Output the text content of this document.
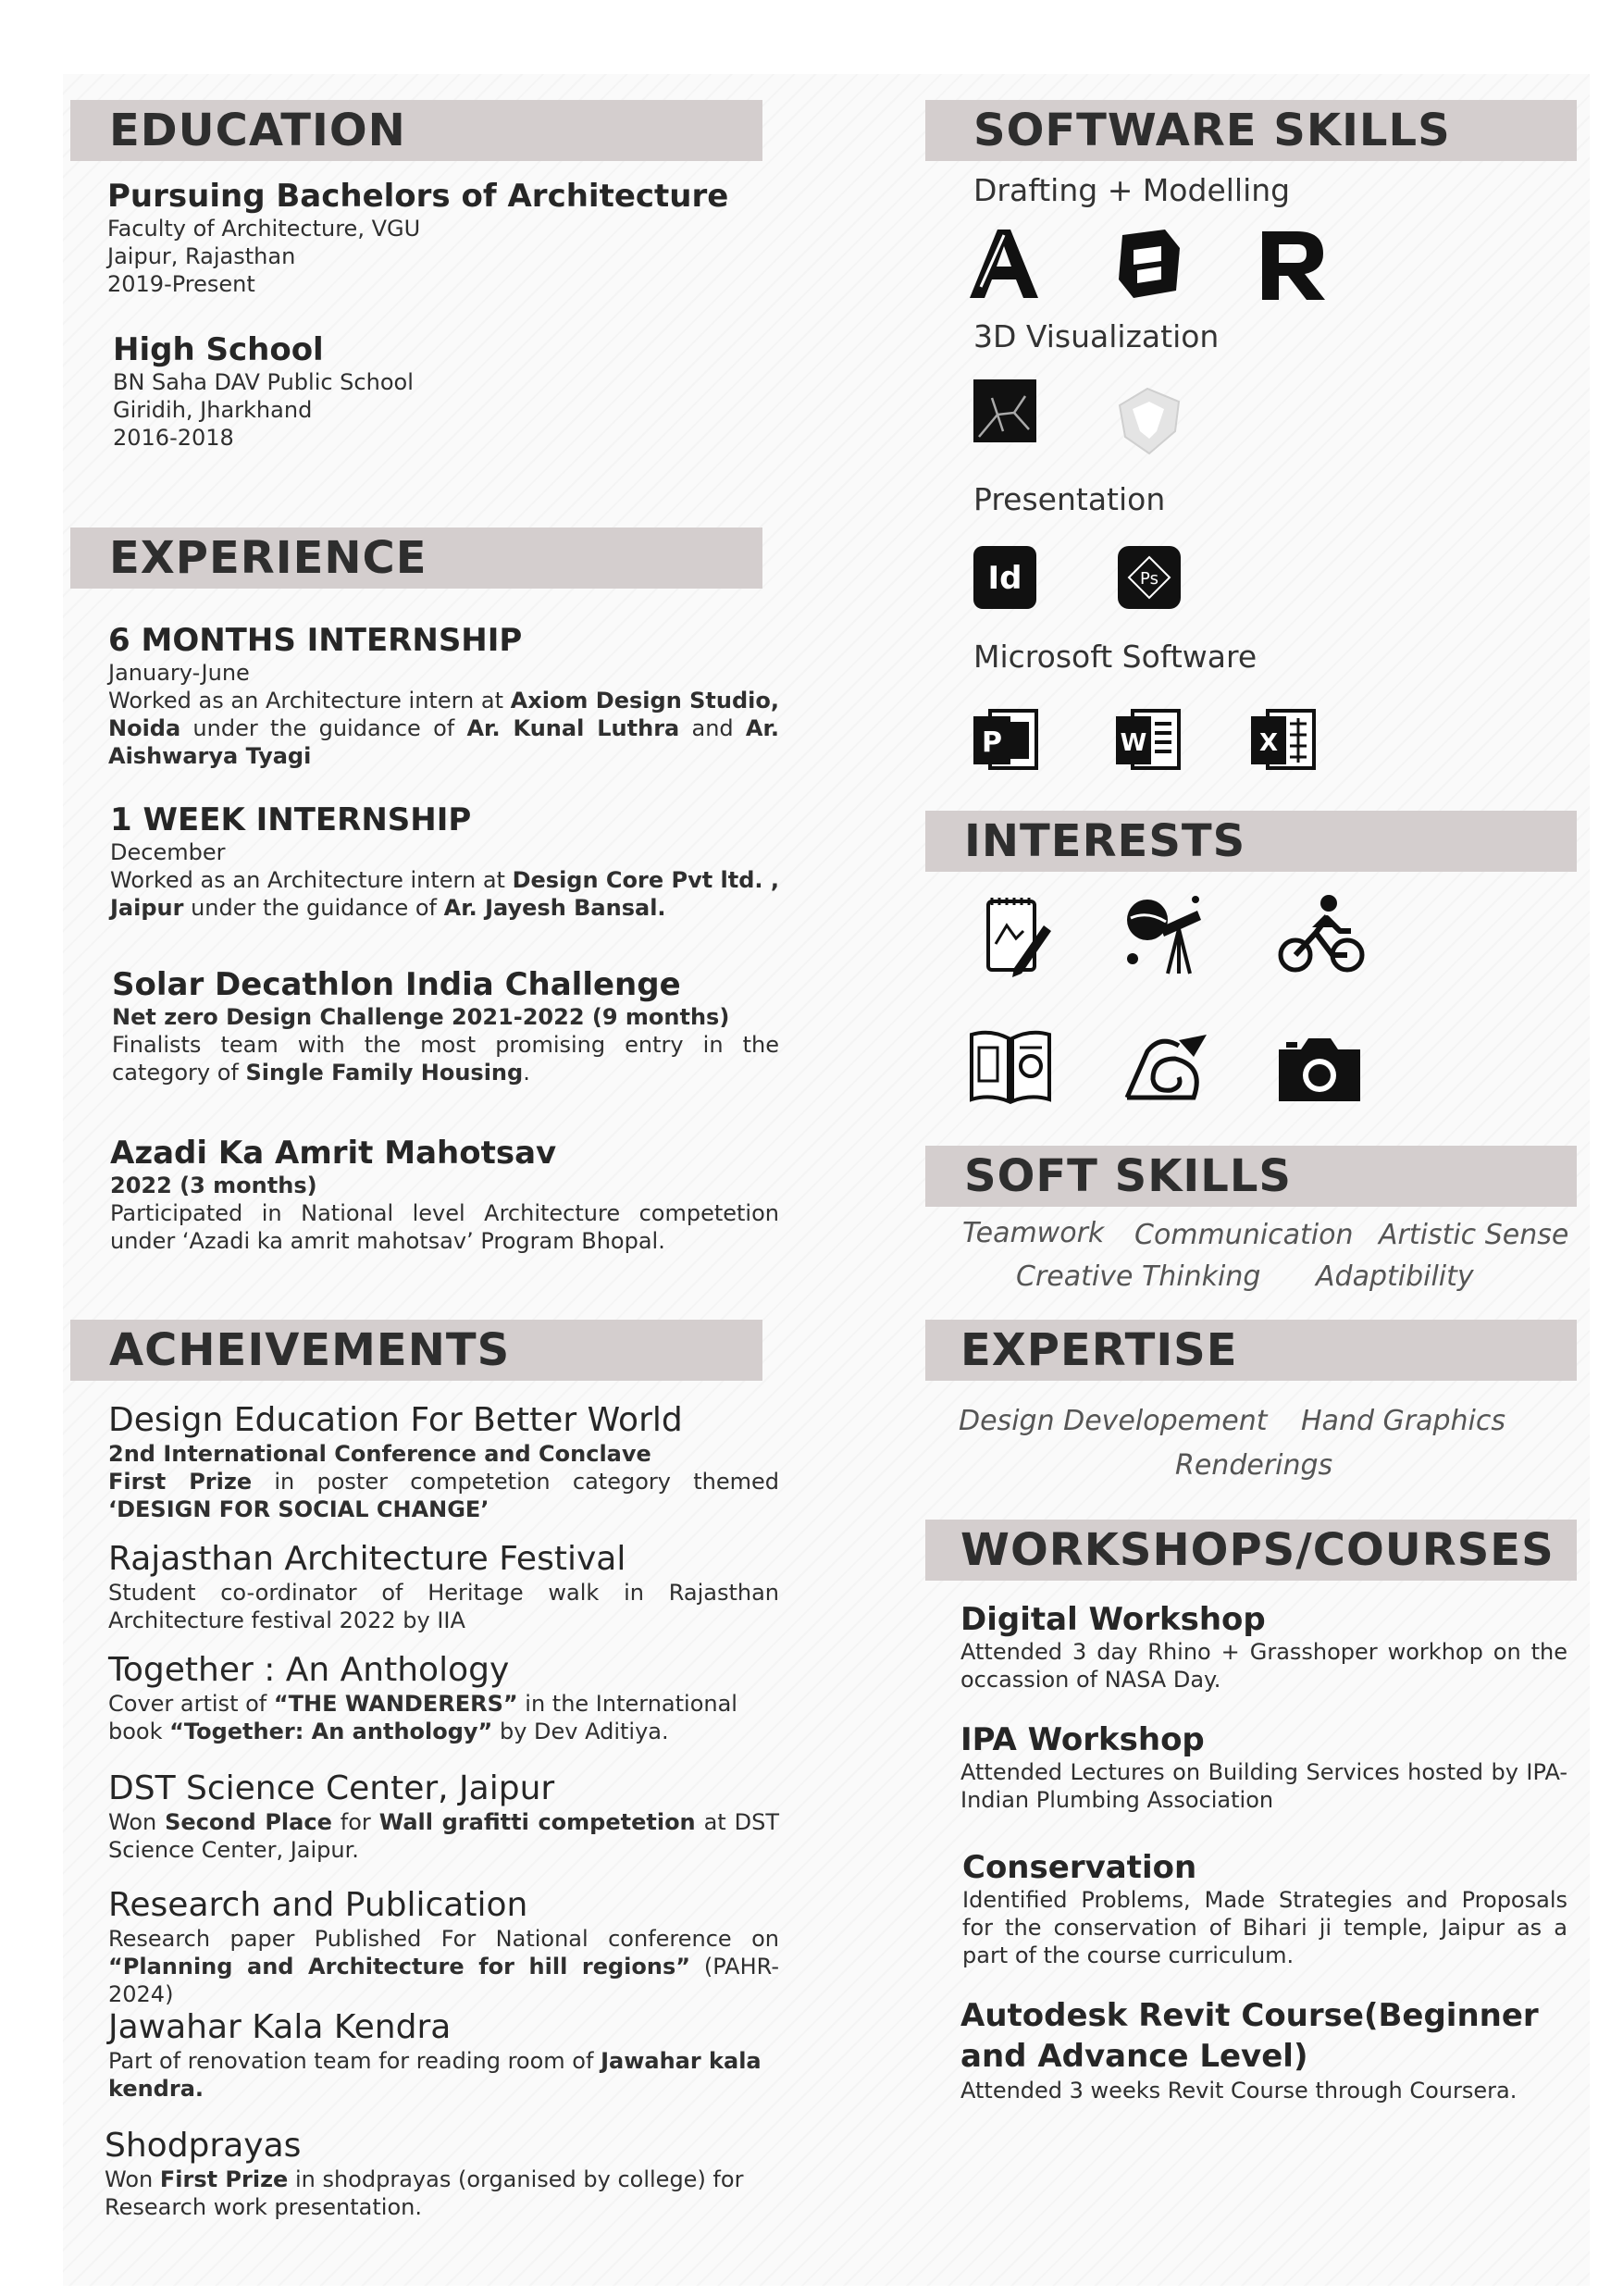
EDUCATION
Pursuing Bachelors of Architecture
Faculty of Architecture, VGU
Jaipur, Rajasthan
2019-Present
High School
BN Saha DAV Public School
Giridih, Jharkhand
2016-2018
EXPERIENCE
6 MONTHS INTERNSHIP
January-June
Worked as an Architecture intern at Axiom Design Studio, Noida under the guidance of Ar. Kunal Luthra and Ar. Aishwarya Tyagi
1 WEEK INTERNSHIP
December
Worked as an Architecture intern at Design Core Pvt ltd. , Jaipur under the guidance of Ar. Jayesh Bansal.
Solar Decathlon India Challenge
Net zero Design Challenge 2021-2022 (9 months)
Finalists team with the most promising entry in the category of Single Family Housing.
Azadi Ka Amrit Mahotsav
2022 (3 months)
Participated in National level Architecture competetion under ‘Azadi ka amrit mahotsav’ Program Bhopal.
ACHEIVEMENTS
Design Education For Better World
2nd International Conference and Conclave
First Prize in poster competetion category themed ‘DESIGN FOR SOCIAL CHANGE’
Rajasthan Architecture Festival
Student co-ordinator of Heritage walk in Rajasthan Architecture festival 2022 by IIA
Together : An Anthology
Cover artist of “THE WANDERERS” in the International book “Together: An anthology” by Dev Aditiya.
DST Science Center, Jaipur
Won Second Place for Wall grafitti competetion at DST Science Center, Jaipur.
Research and Publication
Research paper Published For National conference on “Planning and Architecture for hill regions” (PAHR-2024)
Jawahar Kala Kendra
Part of renovation team for reading room of Jawahar kala kendra.
Shodprayas
Won First Prize in shodprayas (organised by college) for Research work presentation.
SOFTWARE SKILLS
Drafting + Modelling
3D Visualization
Presentation
Id	Ps
Microsoft Software
P	W	X
INTERESTS
SOFT SKILLS
Teamwork Communication Artistic Sense
Creative Thinking Adaptibility
EXPERTISE
Design Developement Hand Graphics
Renderings
WORKSHOPS/COURSES
Digital Workshop
Attended 3 day Rhino + Grasshoper workhop on the occassion of NASA Day.
IPA Workshop
Attended Lectures on Building Services hosted by IPA-Indian Plumbing Association
Conservation
Identified Problems, Made Strategies and Proposals for the conservation of Bihari ji temple, Jaipur as a part of the course curriculum.
Autodesk Revit Course(Beginner and Advance Level)
Attended 3 weeks Revit Course through Coursera.
